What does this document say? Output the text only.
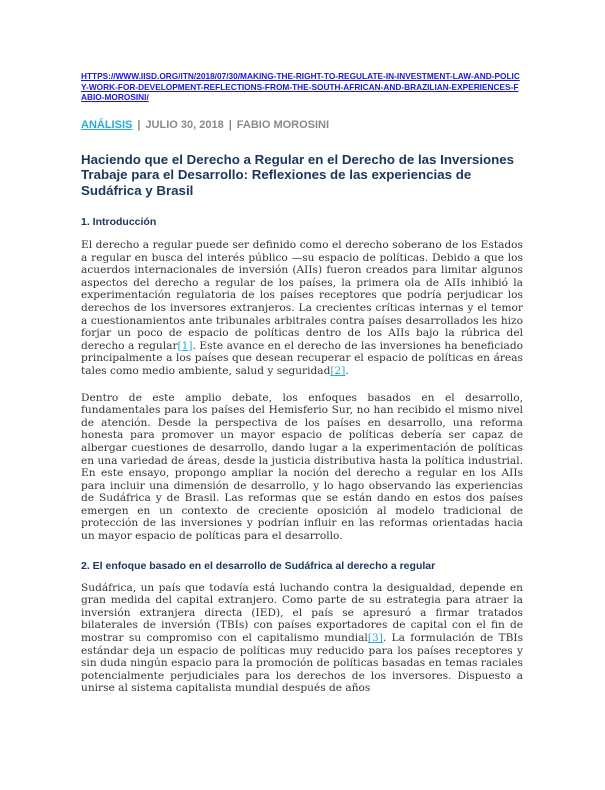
HTTPS://WWW.IISD.ORG/ITN/2018/07/30/MAKING-THE-RIGHT-TO-REGULATE-IN-INVESTMENT-LAW-AND-POLICY-WORK-FOR-DEVELOPMENT-REFLECTIONS-FROM-THE-SOUTH-AFRICAN-AND-BRAZILIAN-EXPERIENCES-FABIO-MOROSINI/
ANÁLISIS | JULIO 30, 2018 | FABIO MOROSINI
Haciendo que el Derecho a Regular en el Derecho de las Inversiones Trabaje para el Desarrollo: Reflexiones de las experiencias de Sudáfrica y Brasil
1. Introducción

El derecho a regular puede ser definido como el derecho soberano de los Estados a regular en busca del interés público —su espacio de políticas. Debido a que los acuerdos internacionales de inversión (AIIs) fueron creados para limitar algunos aspectos del derecho a regular de los países, la primera ola de AIIs inhibió la experimentación regulatoria de los países receptores que podría perjudicar los derechos de los inversores extranjeros. La crecientes críticas internas y el temor a cuestionamientos ante tribunales arbitrales contra países desarrollados les hizo forjar un poco de espacio de políticas dentro de los AIIs bajo la rúbrica del derecho a regular[1]. Este avance en el derecho de las inversiones ha beneficiado principalmente a los países que desean recuperar el espacio de políticas en áreas tales como medio ambiente, salud y seguridad[2].

Dentro de este amplio debate, los enfoques basados en el desarrollo, fundamentales para los países del Hemisferio Sur, no han recibido el mismo nivel de atención. Desde la perspectiva de los países en desarrollo, una reforma honesta para promover un mayor espacio de políticas debería ser capaz de albergar cuestiones de desarrollo, dando lugar a la experimentación de políticas en una variedad de áreas, desde la justicia distributiva hasta la política industrial. En este ensayo, propongo ampliar la noción del derecho a regular en los AIIs para incluir una dimensión de desarrollo, y lo hago observando las experiencias de Sudáfrica y de Brasil. Las reformas que se están dando en estos dos países emergen en un contexto de creciente oposición al modelo tradicional de protección de las inversiones y podrían influir en las reformas orientadas hacia un mayor espacio de políticas para el desarrollo.

2. El enfoque basado en el desarrollo de Sudáfrica al derecho a regular

Sudáfrica, un país que todavía está luchando contra la desigualdad, depende en gran medida del capital extranjero. Como parte de su estrategia para atraer la inversión extranjera directa (IED), el país se apresuró a firmar tratados bilaterales de inversión (TBIs) con países exportadores de capital con el fin de mostrar su compromiso con el capitalismo mundial[3]. La formulación de TBIs estándar deja un espacio de políticas muy reducido para los países receptores y sin duda ningún espacio para la promoción de políticas basadas en temas raciales potencialmente perjudiciales para los derechos de los inversores. Dispuesto a unirse al sistema capitalista mundial después de años
